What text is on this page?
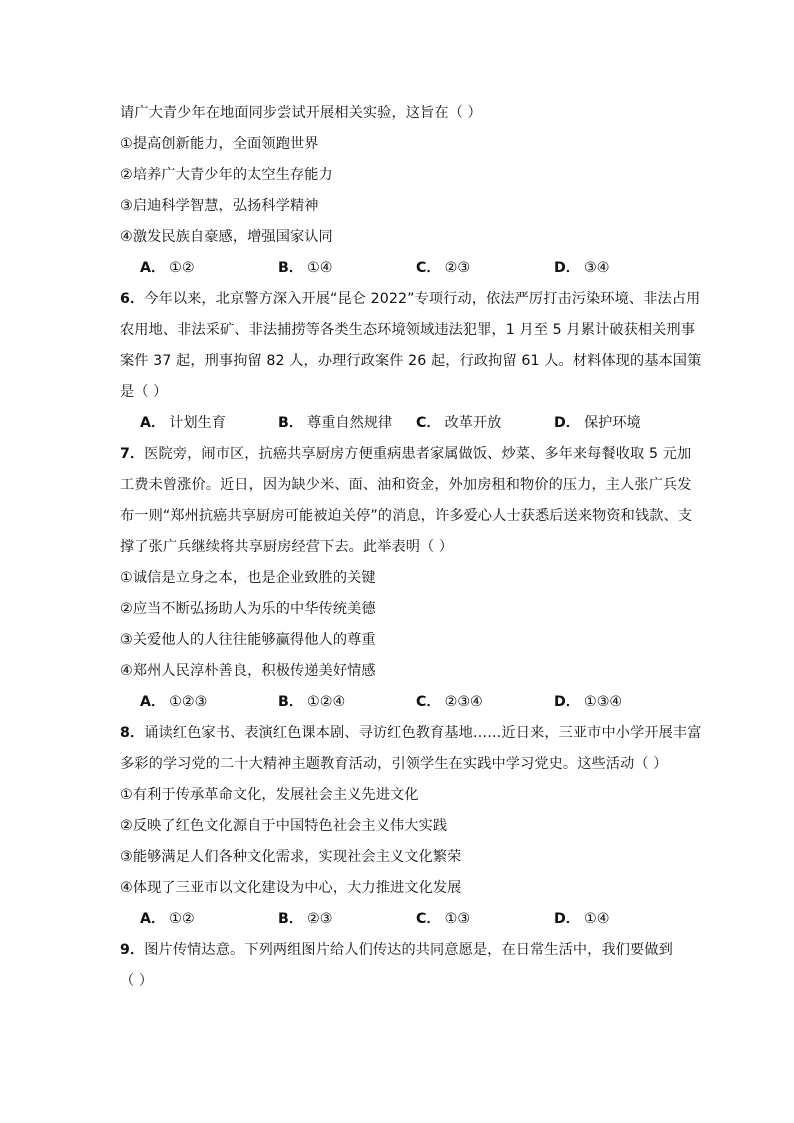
请广大青少年在地面同步尝试开展相关实验，这旨在（ ）
①提高创新能力，全面领跑世界
②培养广大青少年的太空生存能力
③启迪科学智慧，弘扬科学精神
④激发民族自豪感，增强国家认同
A． ①②	B． ①④	C． ②③	D． ③④
6．今年以来，北京警方深入开展“昆仑 2022”专项行动，依法严厉打击污染环境、非法占用
农用地、非法采矿、非法捕捞等各类生态环境领域违法犯罪，1 月至 5 月累计破获相关刑事
案件 37 起，刑事拘留 82 人，办理行政案件 26 起，行政拘留 61 人。材料体现的基本国策
是（ ）
A． 计划生育	B． 尊重自然规律	C． 改革开放	D． 保护环境
7．医院旁，闹市区，抗癌共享厨房方便重病患者家属做饭、炒菜、多年来每餐收取 5 元加
工费未曾涨价。近日，因为缺少米、面、油和资金，外加房租和物价的压力，主人张广兵发
布一则“郑州抗癌共享厨房可能被迫关停”的消息，许多爱心人士获悉后送来物资和钱款、支
撑了张广兵继续将共享厨房经营下去。此举表明（ ）
①诚信是立身之本，也是企业致胜的关键
②应当不断弘扬助人为乐的中华传统美德
③关爱他人的人往往能够赢得他人的尊重
④郑州人民淳朴善良，积极传递美好情感
A． ①②③	B． ①②④	C． ②③④	D． ①③④
8．诵读红色家书、表演红色课本剧、寻访红色教育基地……近日来，三亚市中小学开展丰富
多彩的学习党的二十大精神主题教育活动，引领学生在实践中学习党史。这些活动（ ）
①有利于传承革命文化，发展社会主义先进文化
②反映了红色文化源自于中国特色社会主义伟大实践
③能够满足人们各种文化需求，实现社会主义文化繁荣
④体现了三亚市以文化建设为中心，大力推进文化发展
A． ①②	B． ②③	C． ①③	D． ①④
9．图片传情达意。下列两组图片给人们传达的共同意愿是，在日常生活中，我们要做到
（ ）
